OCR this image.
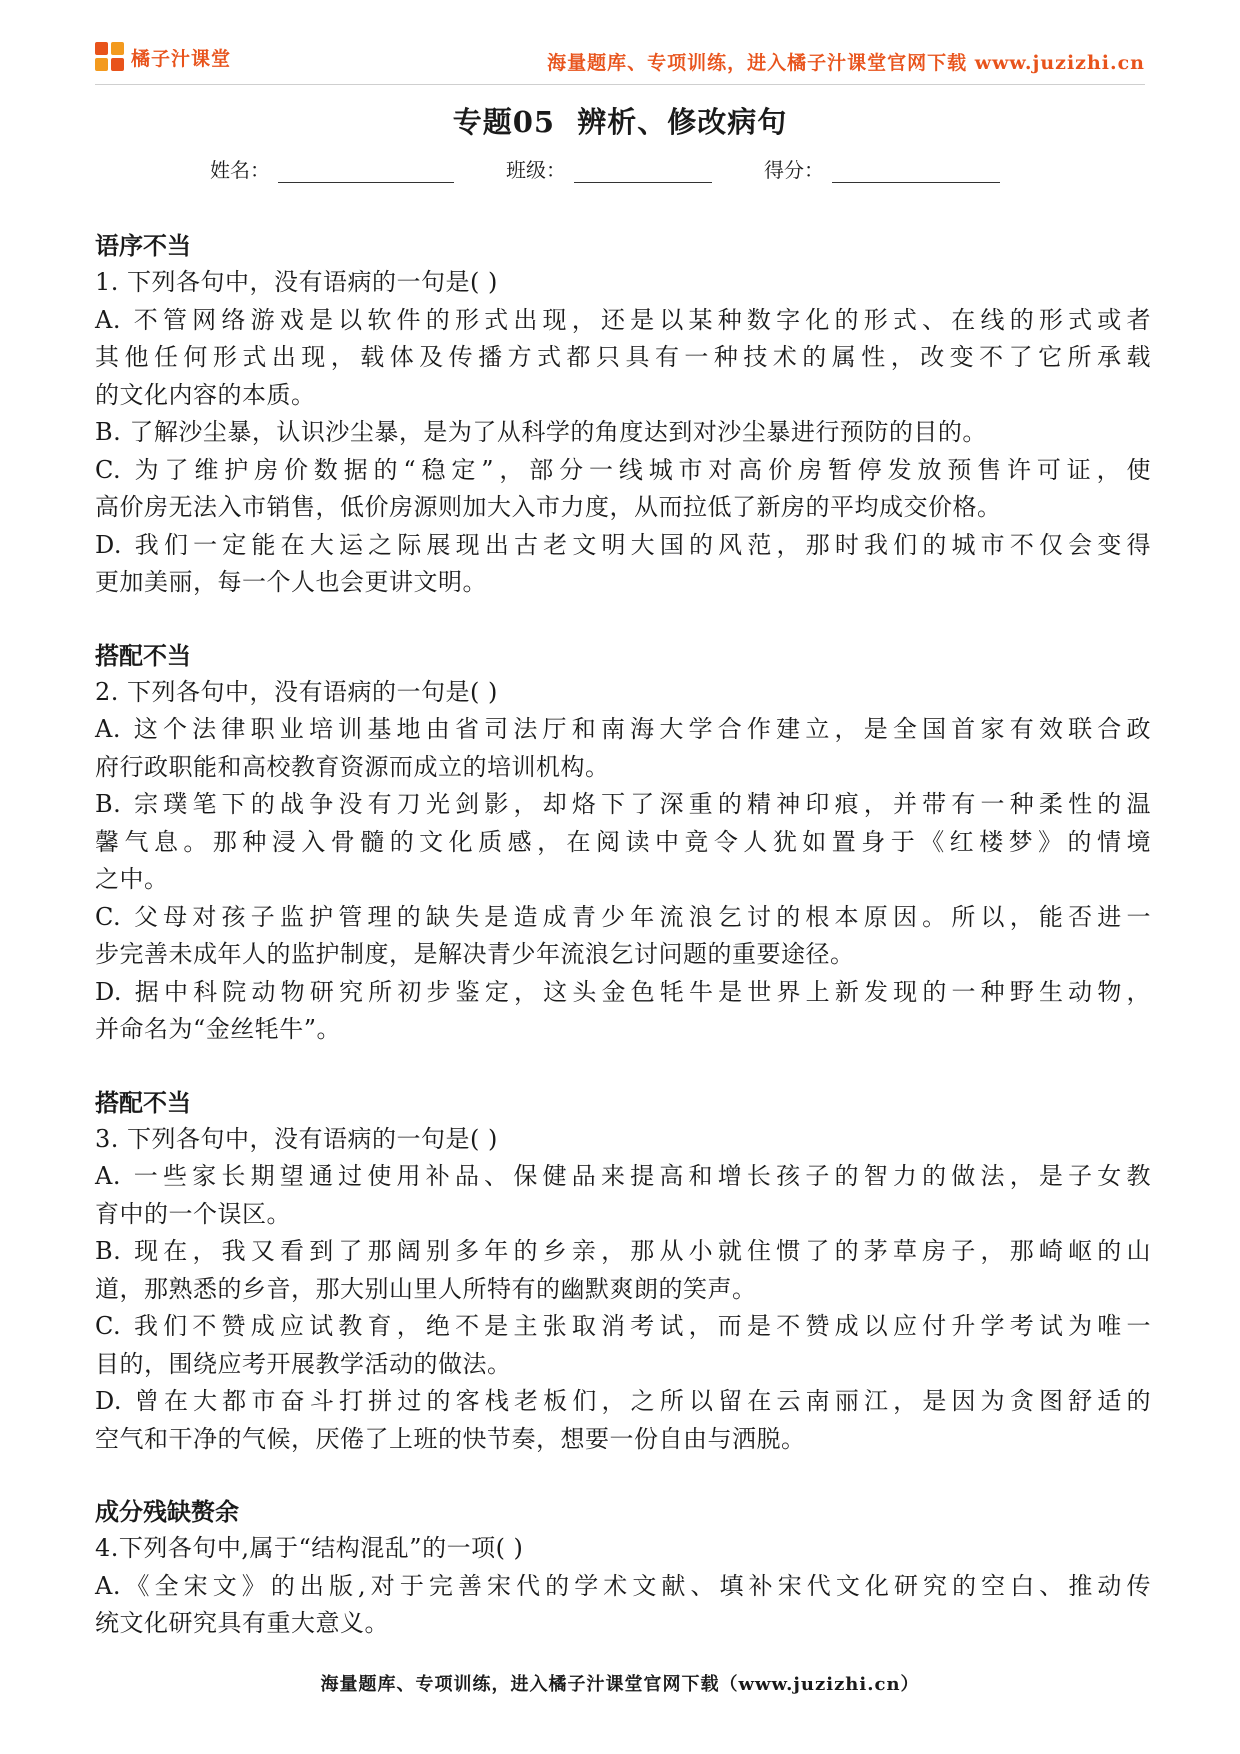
橘子汁课堂	海量题库、专项训练，进入橘子汁课堂官网下载 www.juzizhi.cn
专题05  辨析、修改病句
姓名：	班级：	得分：
语序不当
1. 下列各句中，没有语病的一句是( )
A. 不管网络游戏是以软件的形式出现，还是以某种数字化的形式、在线的形式或者
其他任何形式出现，载体及传播方式都只具有一种技术的属性，改变不了它所承载
的文化内容的本质。
B. 了解沙尘暴，认识沙尘暴，是为了从科学的角度达到对沙尘暴进行预防的目的。
C. 为了维护房价数据的“稳定”，部分一线城市对高价房暂停发放预售许可证，使
高价房无法入市销售，低价房源则加大入市力度，从而拉低了新房的平均成交价格。
D. 我们一定能在大运之际展现出古老文明大国的风范，那时我们的城市不仅会变得
更加美丽，每一个人也会更讲文明。
搭配不当
2. 下列各句中，没有语病的一句是( )
A. 这个法律职业培训基地由省司法厅和南海大学合作建立，是全国首家有效联合政
府行政职能和高校教育资源而成立的培训机构。
B. 宗璞笔下的战争没有刀光剑影，却烙下了深重的精神印痕，并带有一种柔性的温
馨气息。那种浸入骨髓的文化质感，在阅读中竟令人犹如置身于《红楼梦》的情境
之中。
C. 父母对孩子监护管理的缺失是造成青少年流浪乞讨的根本原因。所以，能否进一
步完善未成年人的监护制度，是解决青少年流浪乞讨问题的重要途径。
D. 据中科院动物研究所初步鉴定，这头金色牦牛是世界上新发现的一种野生动物，
并命名为“金丝牦牛”。
搭配不当
3. 下列各句中，没有语病的一句是( )
A. 一些家长期望通过使用补品、保健品来提高和增长孩子的智力的做法，是子女教
育中的一个误区。
B. 现在，我又看到了那阔别多年的乡亲，那从小就住惯了的茅草房子，那崎岖的山
道，那熟悉的乡音，那大别山里人所特有的幽默爽朗的笑声。
C. 我们不赞成应试教育，绝不是主张取消考试，而是不赞成以应付升学考试为唯一
目的，围绕应考开展教学活动的做法。
D. 曾在大都市奋斗打拼过的客栈老板们，之所以留在云南丽江，是因为贪图舒适的
空气和干净的气候，厌倦了上班的快节奏，想要一份自由与洒脱。
成分残缺赘余
4.下列各句中,属于“结构混乱”的一项( )
A.《全宋文》的出版,对于完善宋代的学术文献、填补宋代文化研究的空白、推动传
统文化研究具有重大意义。
海量题库、专项训练，进入橘子汁课堂官网下载（www.juzizhi.cn）
